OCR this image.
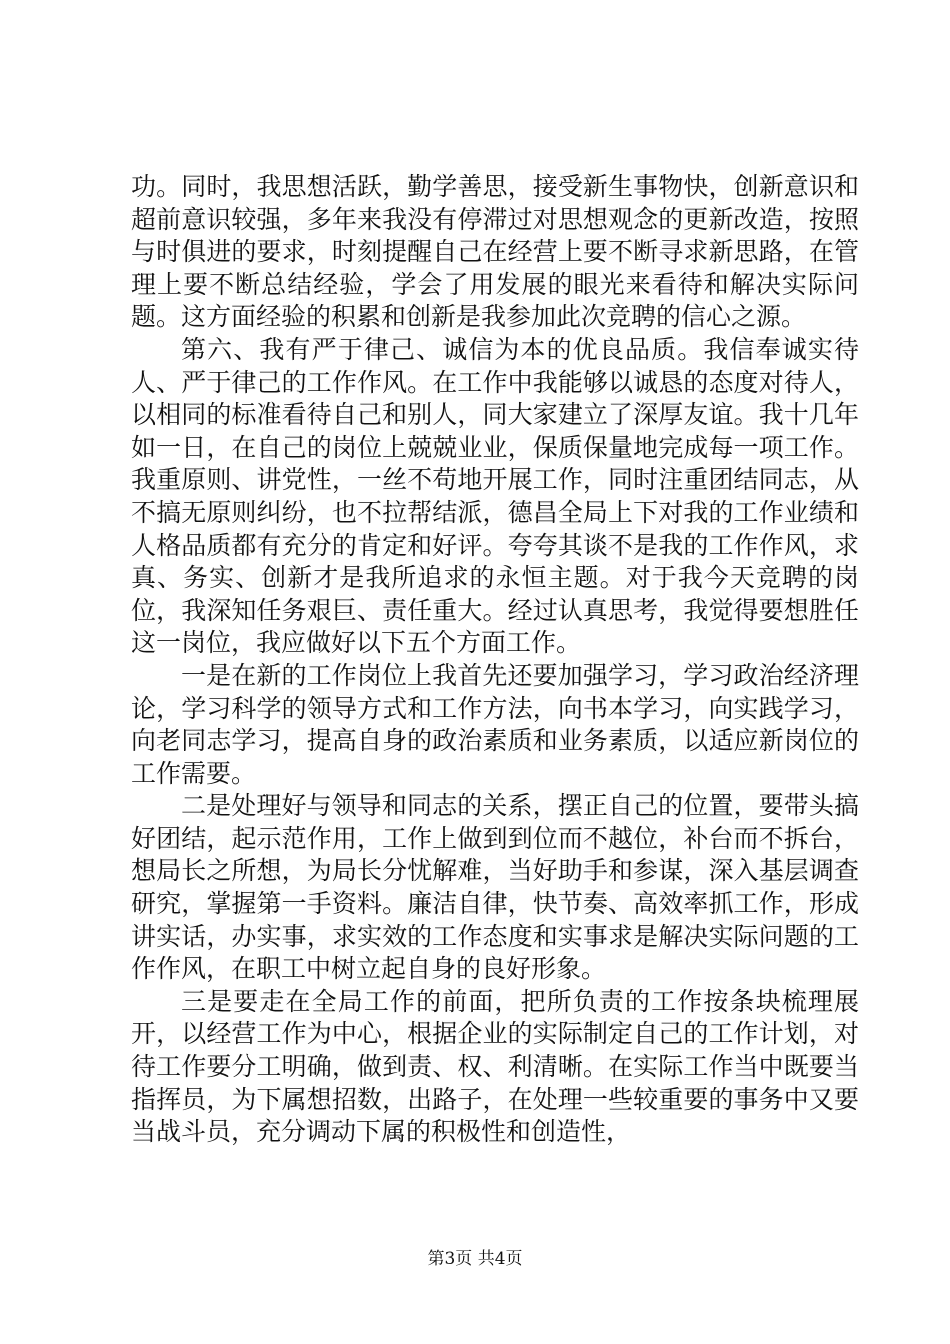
功。同时，我思想活跃，勤学善思，接受新生事物快，创新意识和超前意识较强，多年来我没有停滞过对思想观念的更新改造，按照与时俱进的要求，时刻提醒自己在经营上要不断寻求新思路，在管理上要不断总结经验，学会了用发展的眼光来看待和解决实际问题。这方面经验的积累和创新是我参加此次竞聘的信心之源。

第六、我有严于律己、诚信为本的优良品质。我信奉诚实待人、严于律己的工作作风。在工作中我能够以诚恳的态度对待人，以相同的标准看待自己和别人，同大家建立了深厚友谊。我十几年如一日，在自己的岗位上兢兢业业，保质保量地完成每一项工作。我重原则、讲党性，一丝不苟地开展工作，同时注重团结同志，从不搞无原则纠纷，也不拉帮结派，德昌全局上下对我的工作业绩和人格品质都有充分的肯定和好评。夸夸其谈不是我的工作作风，求真、务实、创新才是我所追求的永恒主题。对于我今天竞聘的岗位，我深知任务艰巨、责任重大。经过认真思考，我觉得要想胜任这一岗位，我应做好以下五个方面工作。

一是在新的工作岗位上我首先还要加强学习，学习政治经济理论，学习科学的领导方式和工作方法，向书本学习，向实践学习，向老同志学习，提高自身的政治素质和业务素质，以适应新岗位的工作需要。

二是处理好与领导和同志的关系，摆正自己的位置，要带头搞好团结，起示范作用，工作上做到到位而不越位，补台而不拆台，想局长之所想，为局长分忧解难，当好助手和参谋，深入基层调查研究，掌握第一手资料。廉洁自律，快节奏、高效率抓工作，形成讲实话，办实事，求实效的工作态度和实事求是解决实际问题的工作作风，在职工中树立起自身的良好形象。

三是要走在全局工作的前面，把所负责的工作按条块梳理展开，以经营工作为中心，根据企业的实际制定自己的工作计划，对待工作要分工明确，做到责、权、利清晰。在实际工作当中既要当指挥员，为下属想招数，出路子，在处理一些较重要的事务中又要当战斗员，充分调动下属的积极性和创造性，

第3页 共4页
